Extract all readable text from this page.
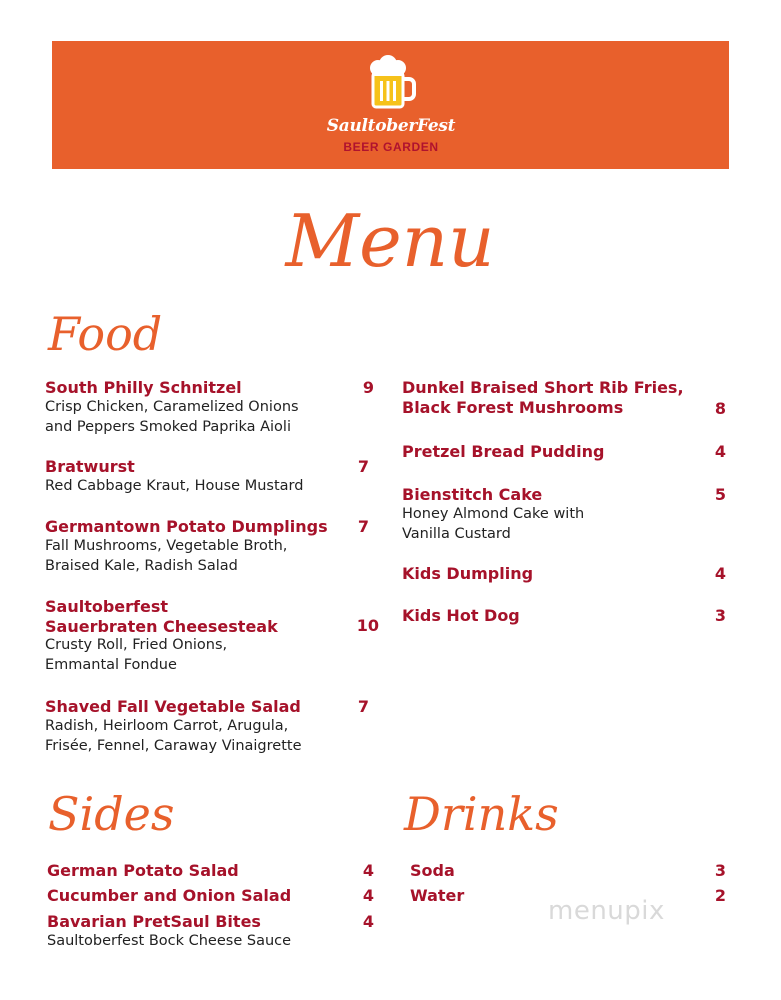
SaultoberFest
BEER GARDEN
Menu
Food
South Philly Schnitzel	9
Crisp Chicken, Caramelized Onions
and Peppers Smoked Paprika Aioli
Bratwurst	7
Red Cabbage Kraut, House Mustard
Germantown Potato Dumplings	7
Fall Mushrooms, Vegetable Broth,
Braised Kale, Radish Salad
Saultoberfest
Sauerbraten Cheesesteak	10
Crusty Roll, Fried Onions,
Emmantal Fondue
Shaved Fall Vegetable Salad	7
Radish, Heirloom Carrot, Arugula,
Frisée, Fennel, Caraway Vinaigrette
Dunkel Braised Short Rib Fries,
Black Forest Mushrooms	8
Pretzel Bread Pudding	4
Bienstitch Cake	5
Honey Almond Cake with
Vanilla Custard
Kids Dumpling	4
Kids Hot Dog	3
Sides
German Potato Salad	4
Cucumber and Onion Salad	4
Bavarian PretSaul Bites	4
Saultoberfest Bock Cheese Sauce
Drinks
Soda	3
Water	2
menupix
